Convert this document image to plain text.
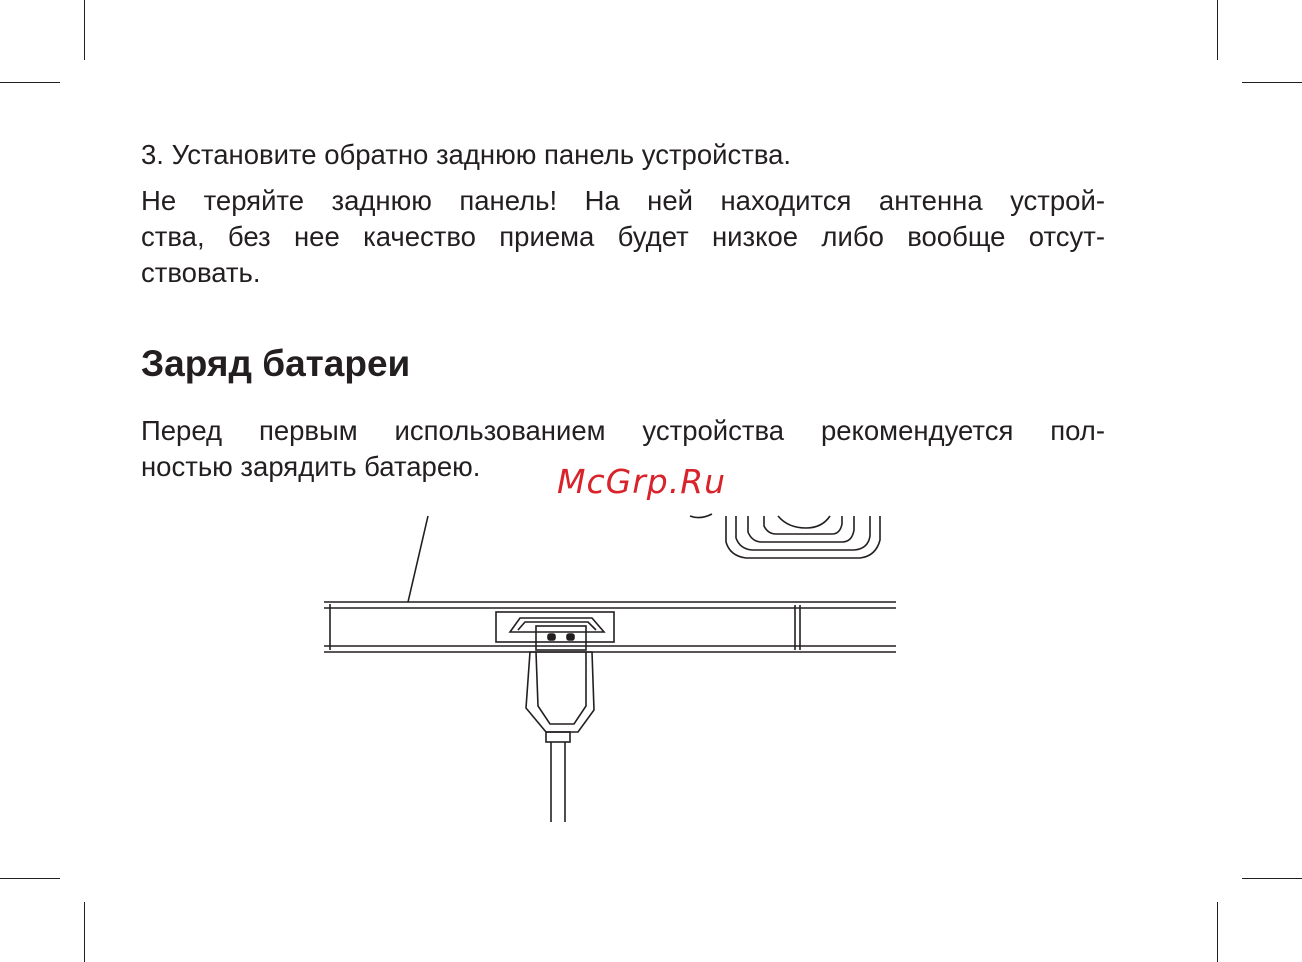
3. Установите обратно заднюю панель устройства.

Не теряйте заднюю панель! На ней находится антенна устрой-
ства, без нее качество приема будет низкое либо вообще отсут-
ствовать.

Заряд батареи

Перед первым использованием устройства рекомендуется пол-
ностью зарядить батарею.	McGrp.Ru
